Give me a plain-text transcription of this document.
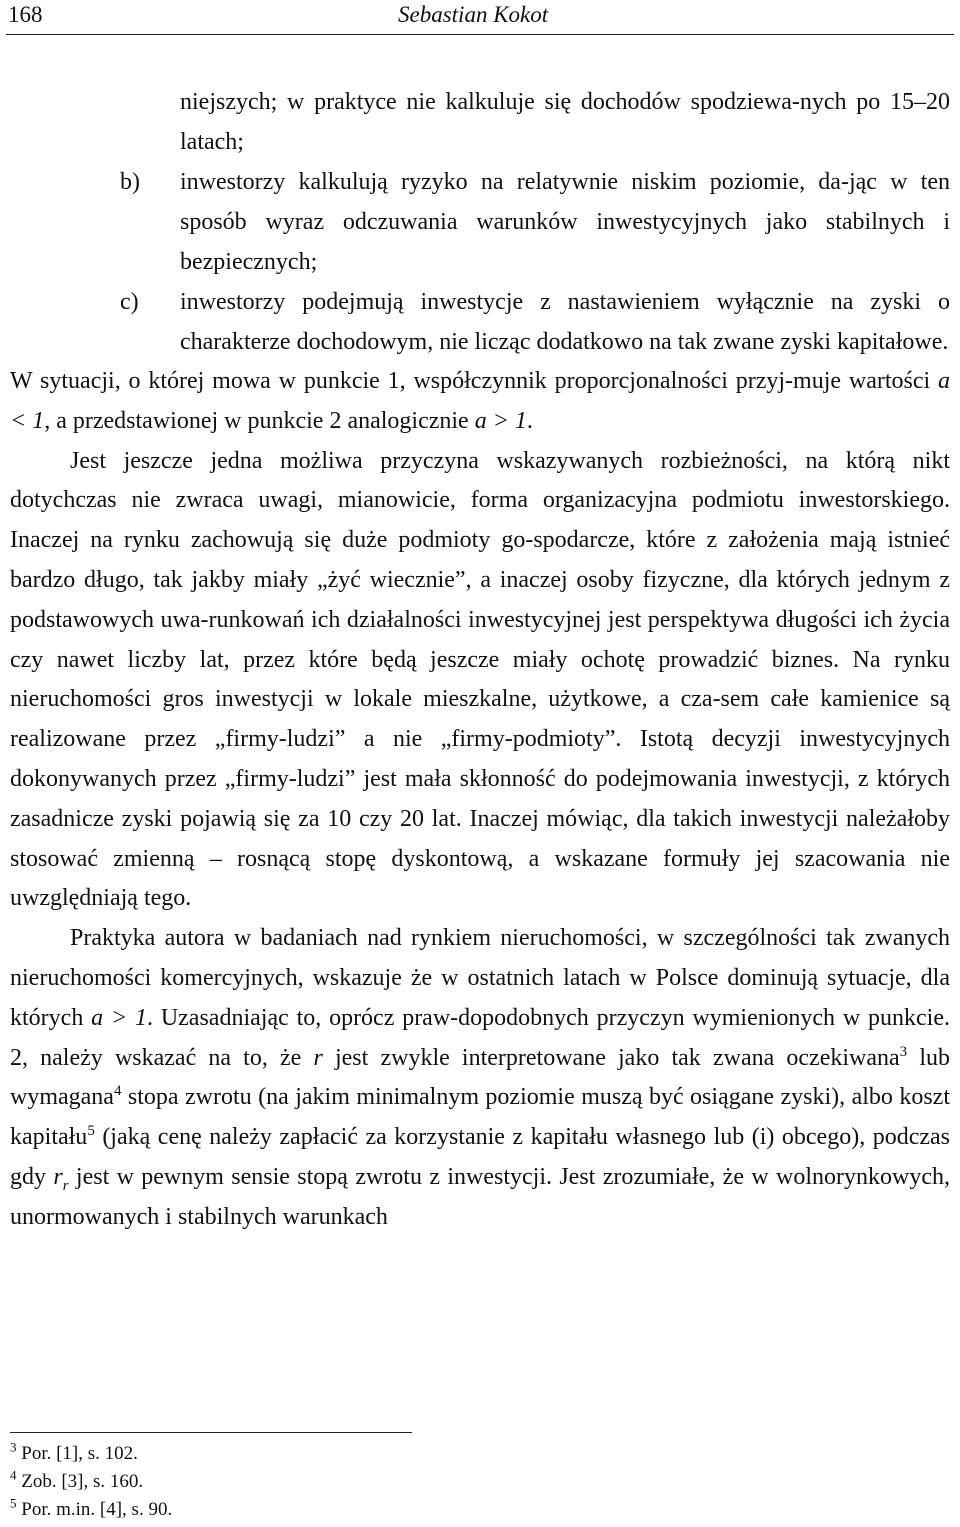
168	Sebastian Kokot
niejszych; w praktyce nie kalkuluje się dochodów spodziewa-nych po 15–20 latach;
b)	inwestorzy kalkulują ryzyko na relatywnie niskim poziomie, da-jąc w ten sposób wyraz odczuwania warunków inwestycyjnych jako stabilnych i bezpiecznych;
c)	inwestorzy podejmują inwestycje z nastawieniem wyłącznie na zyski o charakterze dochodowym, nie licząc dodatkowo na tak zwane zyski kapitałowe.

W sytuacji, o której mowa w punkcie 1, współczynnik proporcjonalności przyj-muje wartości a < 1, a przedstawionej w punkcie 2 analogicznie a > 1.

Jest jeszcze jedna możliwa przyczyna wskazywanych rozbieżności, na którą nikt dotychczas nie zwraca uwagi, mianowicie, forma organizacyjna podmiotu inwestorskiego. Inaczej na rynku zachowują się duże podmioty go-spodarcze, które z założenia mają istnieć bardzo długo, tak jakby miały „żyć wiecznie”, a inaczej osoby fizyczne, dla których jednym z podstawowych uwa-runkowań ich działalności inwestycyjnej jest perspektywa długości ich życia czy nawet liczby lat, przez które będą jeszcze miały ochotę prowadzić biznes. Na rynku nieruchomości gros inwestycji w lokale mieszkalne, użytkowe, a cza-sem całe kamienice są realizowane przez „firmy-ludzi” a nie „firmy-podmioty”. Istotą decyzji inwestycyjnych dokonywanych przez „firmy-ludzi” jest mała skłonność do podejmowania inwestycji, z których zasadnicze zyski pojawią się za 10 czy 20 lat. Inaczej mówiąc, dla takich inwestycji należałoby stosować zmienną – rosnącą stopę dyskontową, a wskazane formuły jej szacowania nie uwzględniają tego.

Praktyka autora w badaniach nad rynkiem nieruchomości, w szczególności tak zwanych nieruchomości komercyjnych, wskazuje że w ostatnich latach w Polsce dominują sytuacje, dla których a > 1. Uzasadniając to, oprócz praw-dopodobnych przyczyn wymienionych w punkcie. 2, należy wskazać na to, że r jest zwykle interpretowane jako tak zwana oczekiwana$^3$ lub wymagana$^4$ stopa zwrotu (na jakim minimalnym poziomie muszą być osiągane zyski), albo koszt kapitału$^5$ (jaką cenę należy zapłacić za korzystanie z kapitału własnego lub (i) obcego), podczas gdy $r_r$ jest w pewnym sensie stopą zwrotu z inwestycji. Jest zrozumiałe, że w wolnorynkowych, unormowanych i stabilnych warunkach

$^3$ Por. [1], s. 102.
$^4$ Zob. [3], s. 160.
$^5$ Por. m.in. [4], s. 90.
